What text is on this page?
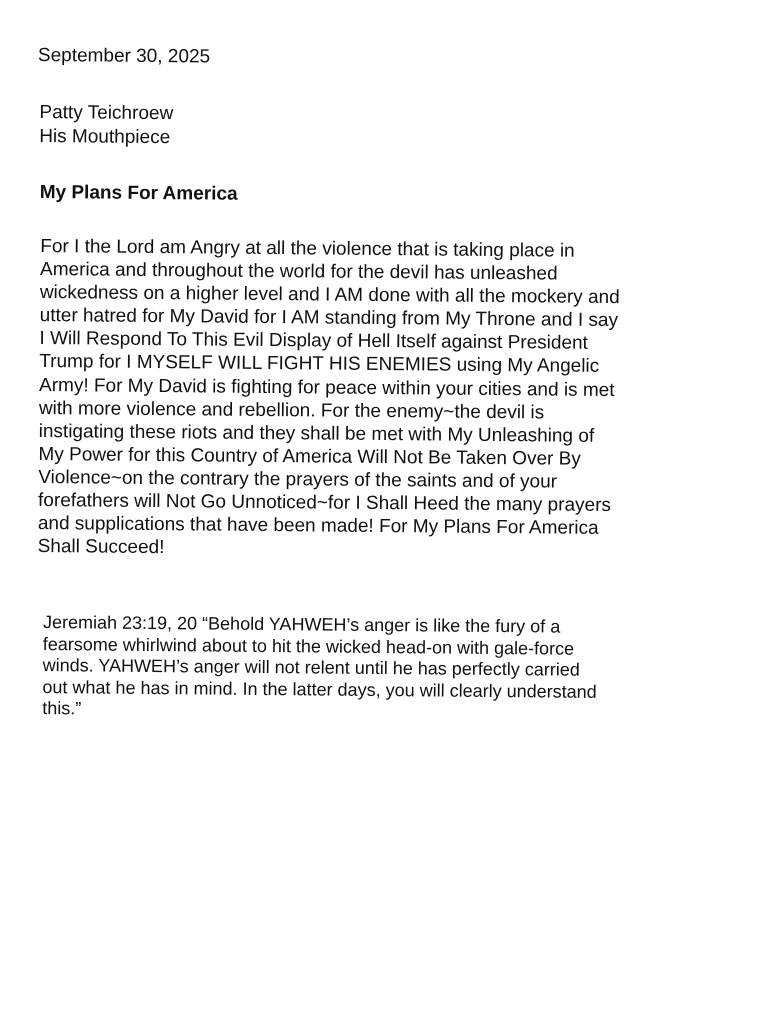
September 30, 2025
Patty Teichroew
His Mouthpiece
My Plans For America
For I the Lord am Angry at all the violence that is taking place in
America and throughout the world for the devil has unleashed
wickedness on a higher level and I AM done with all the mockery and
utter hatred for My David for I AM standing from My Throne and I say
I Will Respond To This Evil Display of Hell Itself against President
Trump for I MYSELF WILL FIGHT HIS ENEMIES using My Angelic
Army! For My David is fighting for peace within your cities and is met
with more violence and rebellion. For the enemy~the devil is
instigating these riots and they shall be met with My Unleashing of
My Power for this Country of America Will Not Be Taken Over By
Violence~on the contrary the prayers of the saints and of your
forefathers will Not Go Unnoticed~for I Shall Heed the many prayers
and supplications that have been made! For My Plans For America
Shall Succeed!
Jeremiah 23:19, 20 “Behold YAHWEH’s anger is like the fury of a
fearsome whirlwind about to hit the wicked head-on with gale-force
winds. YAHWEH’s anger will not relent until he has perfectly carried
out what he has in mind. In the latter days, you will clearly understand
this.”
